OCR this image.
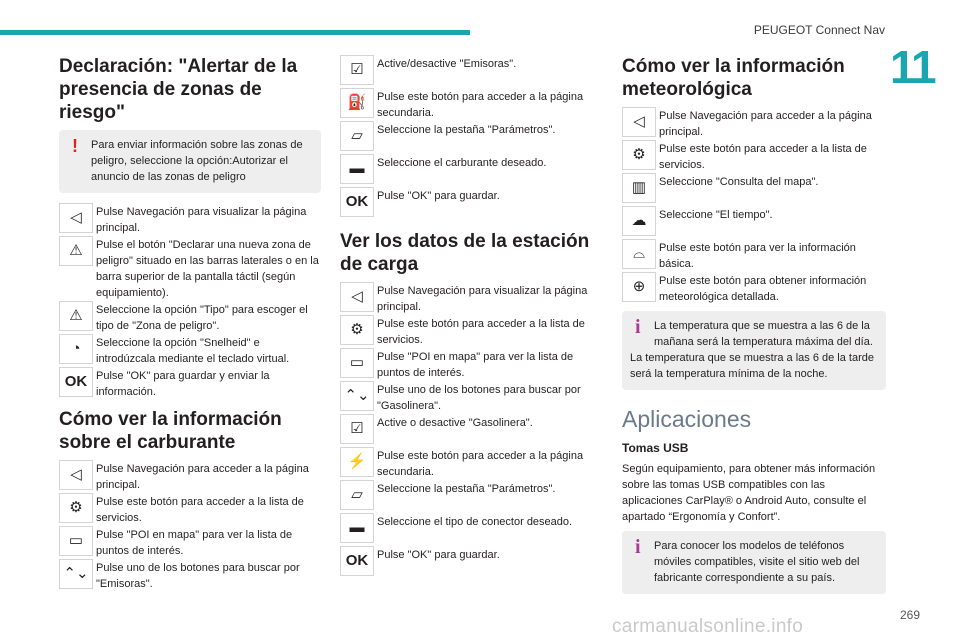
PEUGEOT Connect Nav
11
Declaración: "Alertar de la presencia de zonas de riesgo"
!	Para enviar información sobre las zonas de peligro, seleccione la opción:Autorizar el anuncio de las zonas de peligro
◁	Pulse Navegación para visualizar la página principal.
⚠	Pulse el botón "Declarar una nueva zona de peligro" situado en las barras laterales o en la barra superior de la pantalla táctil (según equipamiento).
⚠	Seleccione la opción "Tipo" para escoger el tipo de "Zona de peligro".
◔	Seleccione la opción "Snelheid" e introdúzcala mediante el teclado virtual.
OK Pulse "OK" para guardar y enviar la información.
Cómo ver la información sobre el carburante
◁	Pulse Navegación para acceder a la página principal.
⚙	Pulse este botón para acceder a la lista de servicios.
▭	Pulse "POI en mapa" para ver la lista de puntos de interés.
⌃⌄ Pulse uno de los botones para buscar por "Emisoras".
☑	Active/desactive "Emisoras".
⛽ Pulse este botón para acceder a la página secundaria.
▱	Seleccione la pestaña "Parámetros".
▬	Seleccione el carburante deseado.
OK Pulse "OK" para guardar.
Ver los datos de la estación de carga
◁	Pulse Navegación para visualizar la página principal.
⚙	Pulse este botón para acceder a la lista de servicios.
▭	Pulse "POI en mapa" para ver la lista de puntos de interés.
⌃⌄ Pulse uno de los botones para buscar por "Gasolinera".
☑	Active o desactive "Gasolinera".
⚡ Pulse este botón para acceder a la página secundaria.
▱	Seleccione la pestaña "Parámetros".
▬	Seleccione el tipo de conector deseado.
OK Pulse "OK" para guardar.
Cómo ver la información meteorológica
◁	Pulse Navegación para acceder a la página principal.
⚙	Pulse este botón para acceder a la lista de servicios.
▥	Seleccione "Consulta del mapa".
☁	Seleccione "El tiempo".
⌓	Pulse este botón para ver la información básica.
⊕	Pulse este botón para obtener información meteorológica detallada.
i	La temperatura que se muestra a las 6 de la mañana será la temperatura máxima del día.
La temperatura que se muestra a las 6 de la tarde será la temperatura mínima de la noche.
Aplicaciones
Tomas USB
Según equipamiento, para obtener más información sobre las tomas USB compatibles con las aplicaciones CarPlay® o Android Auto, consulte el apartado “Ergonomía y Confort”.
i	Para conocer los modelos de teléfonos móviles compatibles, visite el sitio web del fabricante correspondiente a su país.
269
carmanualsonline.info
